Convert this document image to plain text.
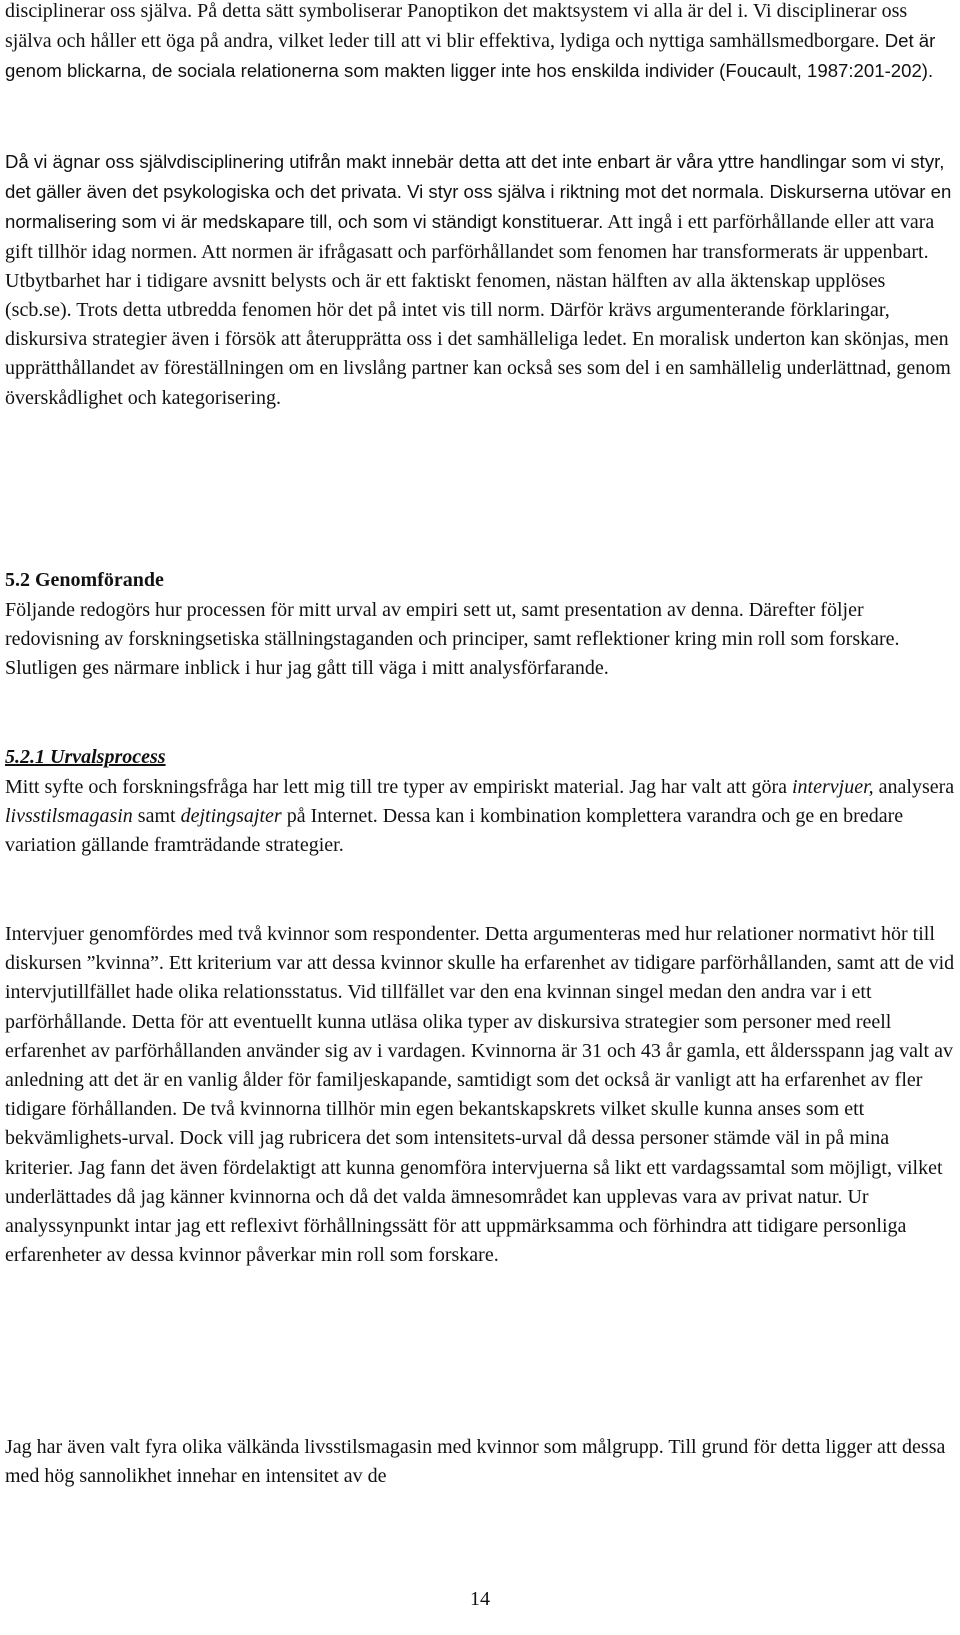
disciplinerar oss själva. På detta sätt symboliserar Panoptikon det maktsystem vi alla är del i. Vi disciplinerar oss själva och håller ett öga på andra, vilket leder till att vi blir effektiva, lydiga och nyttiga samhällsmedborgare. Det är genom blickarna, de sociala relationerna som makten ligger inte hos enskilda individer (Foucault, 1987:201-202).

Då vi ägnar oss självdisciplinering utifrån makt innebär detta att det inte enbart är våra yttre handlingar som vi styr, det gäller även det psykologiska och det privata. Vi styr oss själva i riktning mot det normala. Diskurserna utövar en normalisering som vi är medskapare till, och som vi ständigt konstituerar. Att ingå i ett parförhållande eller att vara gift tillhör idag normen. Att normen är ifrågasatt och parförhållandet som fenomen har transformerats är uppenbart. Utbytbarhet har i tidigare avsnitt belysts och är ett faktiskt fenomen, nästan hälften av alla äktenskap upplöses (scb.se). Trots detta utbredda fenomen hör det på intet vis till norm. Därför krävs argumenterande förklaringar, diskursiva strategier även i försök att återupprätta oss i det samhälleliga ledet. En moralisk underton kan skönjas, men upprätthållandet av föreställningen om en livslång partner kan också ses som del i en samhällelig underlättnad, genom överskådlighet och kategorisering.

5.2 Genomförande

Följande redogörs hur processen för mitt urval av empiri sett ut, samt presentation av denna. Därefter följer redovisning av forskningsetiska ställningstaganden och principer, samt reflektioner kring min roll som forskare. Slutligen ges närmare inblick i hur jag gått till väga i mitt analysförfarande.

5.2.1 Urvalsprocess

Mitt syfte och forskningsfråga har lett mig till tre typer av empiriskt material. Jag har valt att göra intervjuer, analysera livsstilsmagasin samt dejtingsajter på Internet. Dessa kan i kombination komplettera varandra och ge en bredare variation gällande framträdande strategier.

Intervjuer genomfördes med två kvinnor som respondenter. Detta argumenteras med hur relationer normativt hör till diskursen ”kvinna”. Ett kriterium var att dessa kvinnor skulle ha erfarenhet av tidigare parförhållanden, samt att de vid intervjutillfället hade olika relationsstatus. Vid tillfället var den ena kvinnan singel medan den andra var i ett parförhållande. Detta för att eventuellt kunna utläsa olika typer av diskursiva strategier som personer med reell erfarenhet av parförhållanden använder sig av i vardagen. Kvinnorna är 31 och 43 år gamla, ett åldersspann jag valt av anledning att det är en vanlig ålder för familjeskapande, samtidigt som det också är vanligt att ha erfarenhet av fler tidigare förhållanden. De två kvinnorna tillhör min egen bekantskapskrets vilket skulle kunna anses som ett bekvämlighets-urval. Dock vill jag rubricera det som intensitets-urval då dessa personer stämde väl in på mina kriterier. Jag fann det även fördelaktigt att kunna genomföra intervjuerna så likt ett vardagssamtal som möjligt, vilket underlättades då jag känner kvinnorna och då det valda ämnesområdet kan upplevas vara av privat natur. Ur analyssynpunkt intar jag ett reflexivt förhållningssätt för att uppmärksamma och förhindra att tidigare personliga erfarenheter av dessa kvinnor påverkar min roll som forskare.

Jag har även valt fyra olika välkända livsstilsmagasin med kvinnor som målgrupp. Till grund för detta ligger att dessa med hög sannolikhet innehar en intensitet av de

14
